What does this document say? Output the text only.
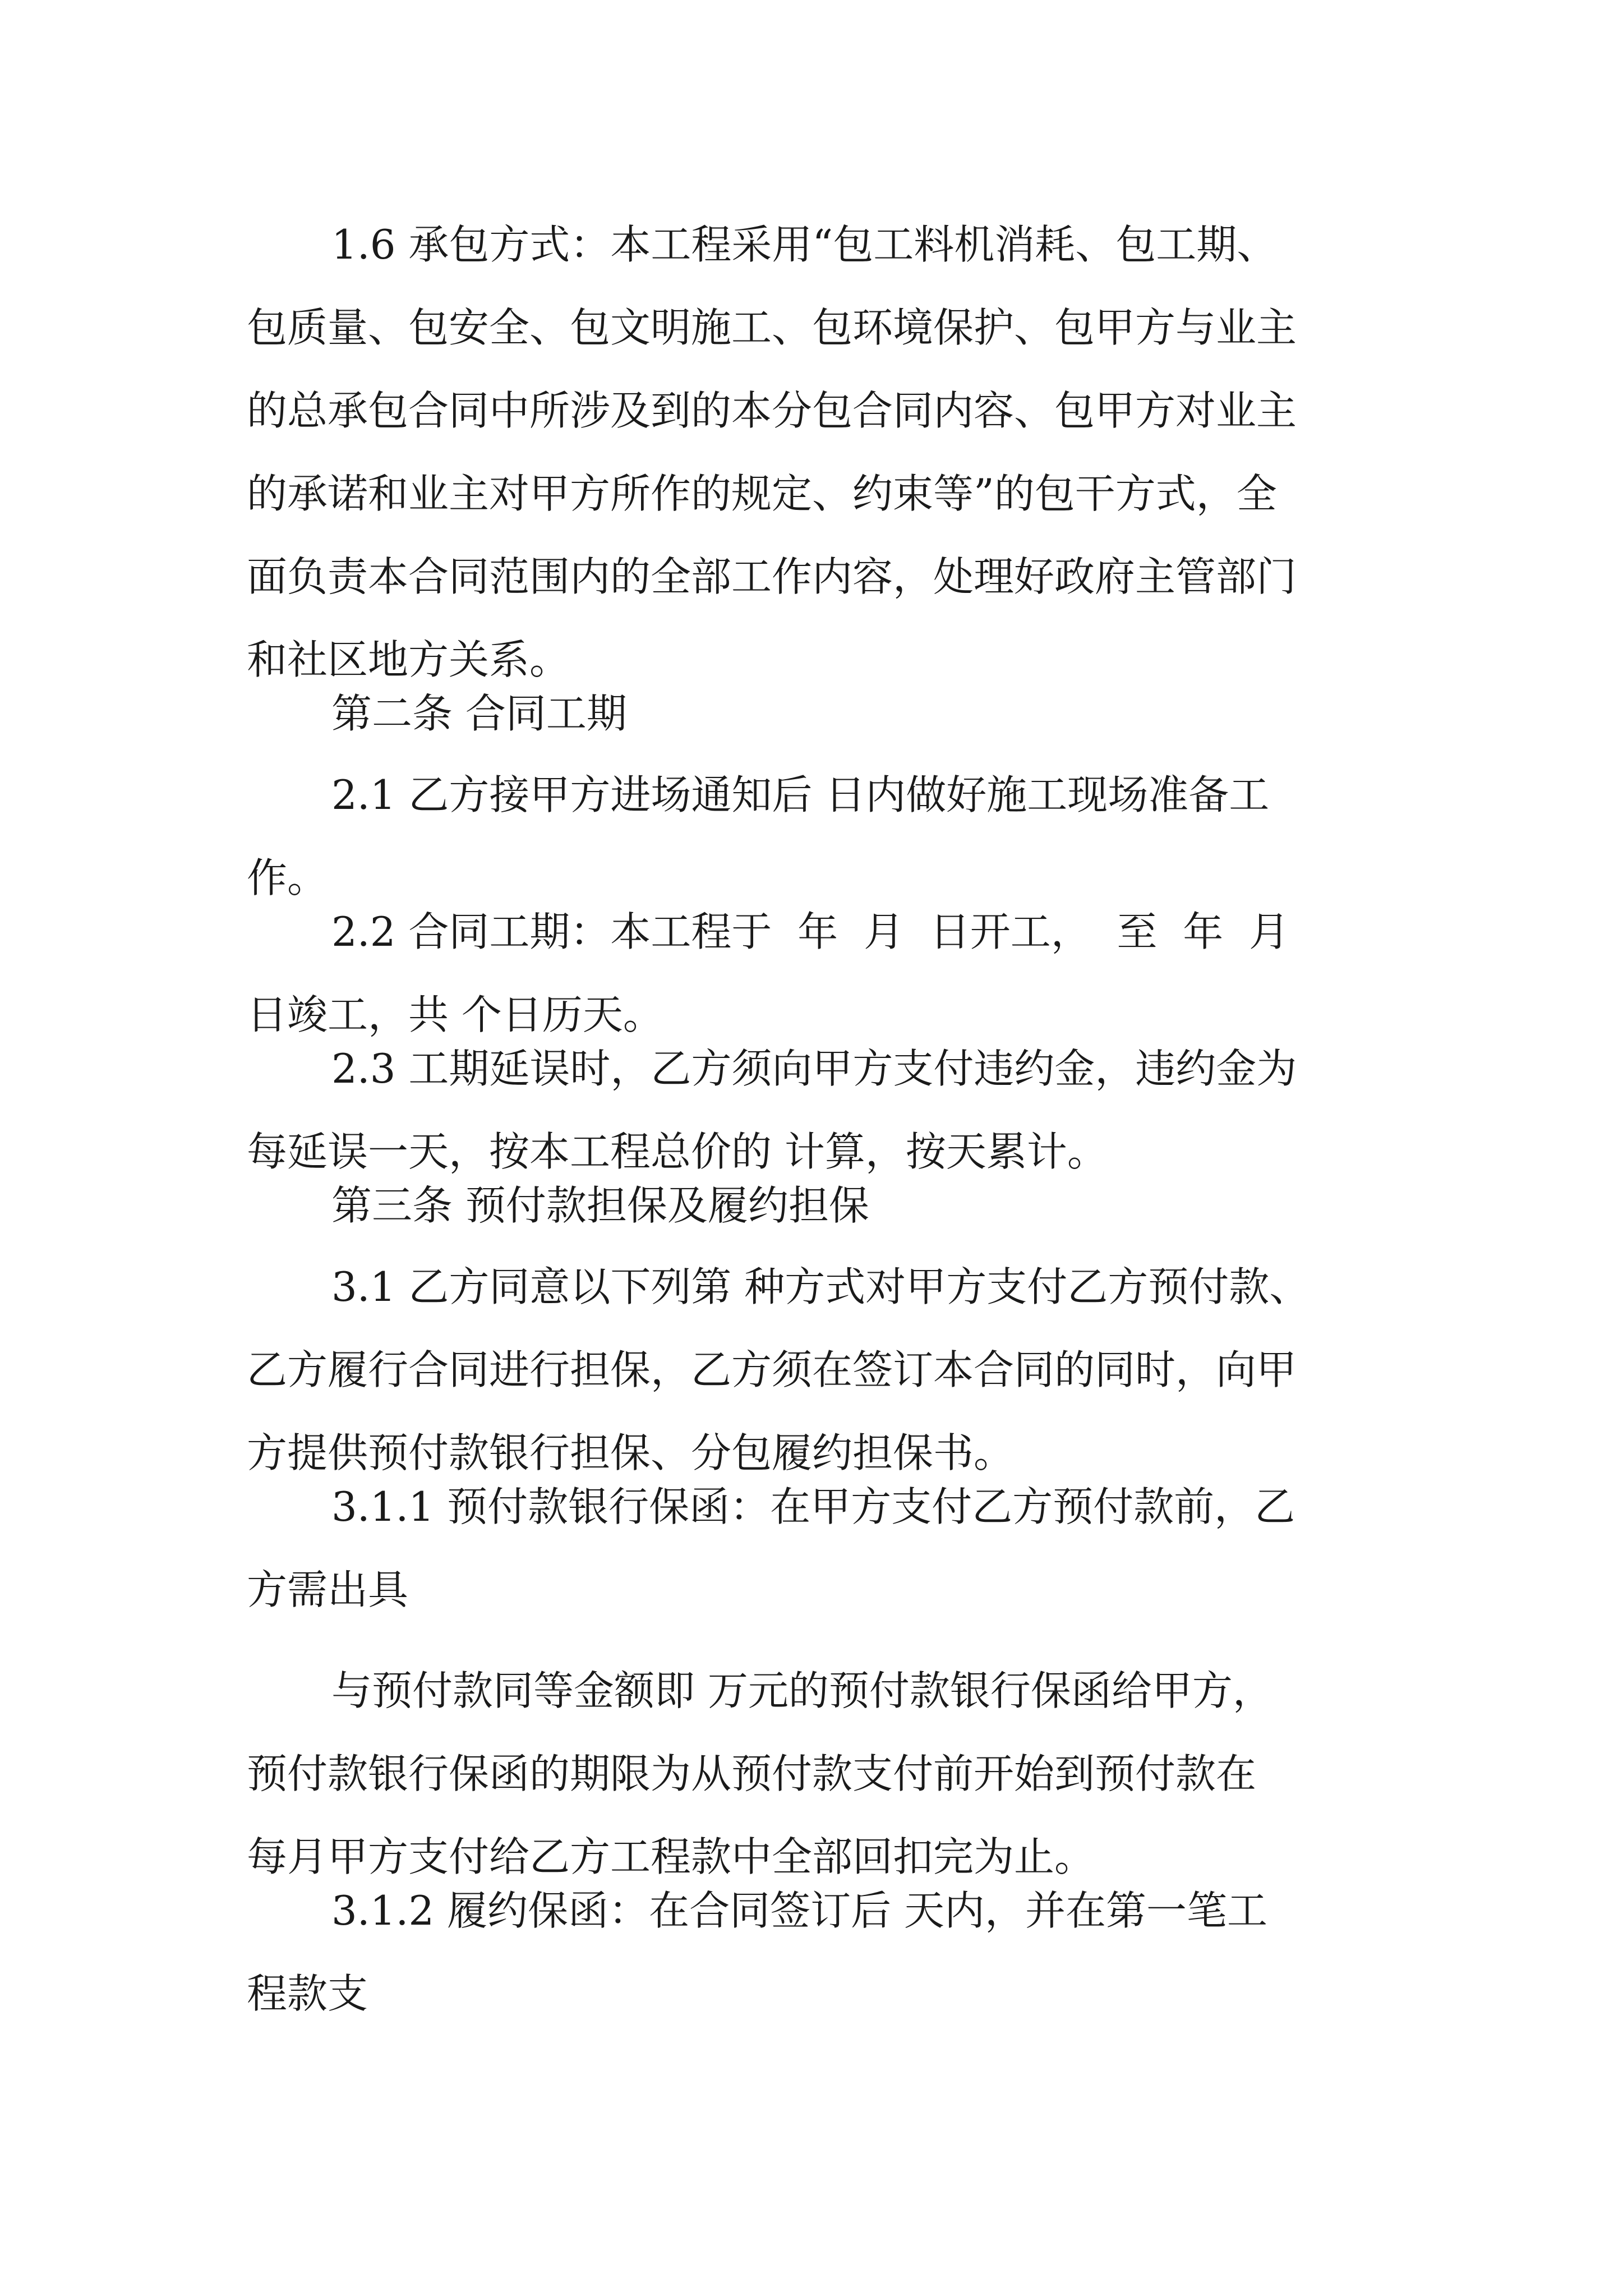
1.6 承包方式：本工程采用“包工料机消耗、包工期、

包质量、包安全、包文明施工、包环境保护、包甲方与业主

的总承包合同中所涉及到的本分包合同内容、包甲方对业主

的承诺和业主对甲方所作的规定、约束等”的包干方式，全

面负责本合同范围内的全部工作内容，处理好政府主管部门

和社区地方关系。

第二条 合同工期

2.1 乙方接甲方进场通知后 日内做好施工现场准备工

作。

2.2 合同工期：本工程于  年  月  日开工，  至  年  月

日竣工，共 个日历天。

2.3 工期延误时，乙方须向甲方支付违约金，违约金为

每延误一天，按本工程总价的 计算，按天累计。

第三条 预付款担保及履约担保

3.1 乙方同意以下列第 种方式对甲方支付乙方预付款、

乙方履行合同进行担保，乙方须在签订本合同的同时，向甲

方提供预付款银行担保、分包履约担保书。

3.1.1 预付款银行保函：在甲方支付乙方预付款前，乙

方需出具

与预付款同等金额即 万元的预付款银行保函给甲方，

预付款银行保函的期限为从预付款支付前开始到预付款在

每月甲方支付给乙方工程款中全部回扣完为止。

3.1.2 履约保函：在合同签订后 天内，并在第一笔工

程款支
